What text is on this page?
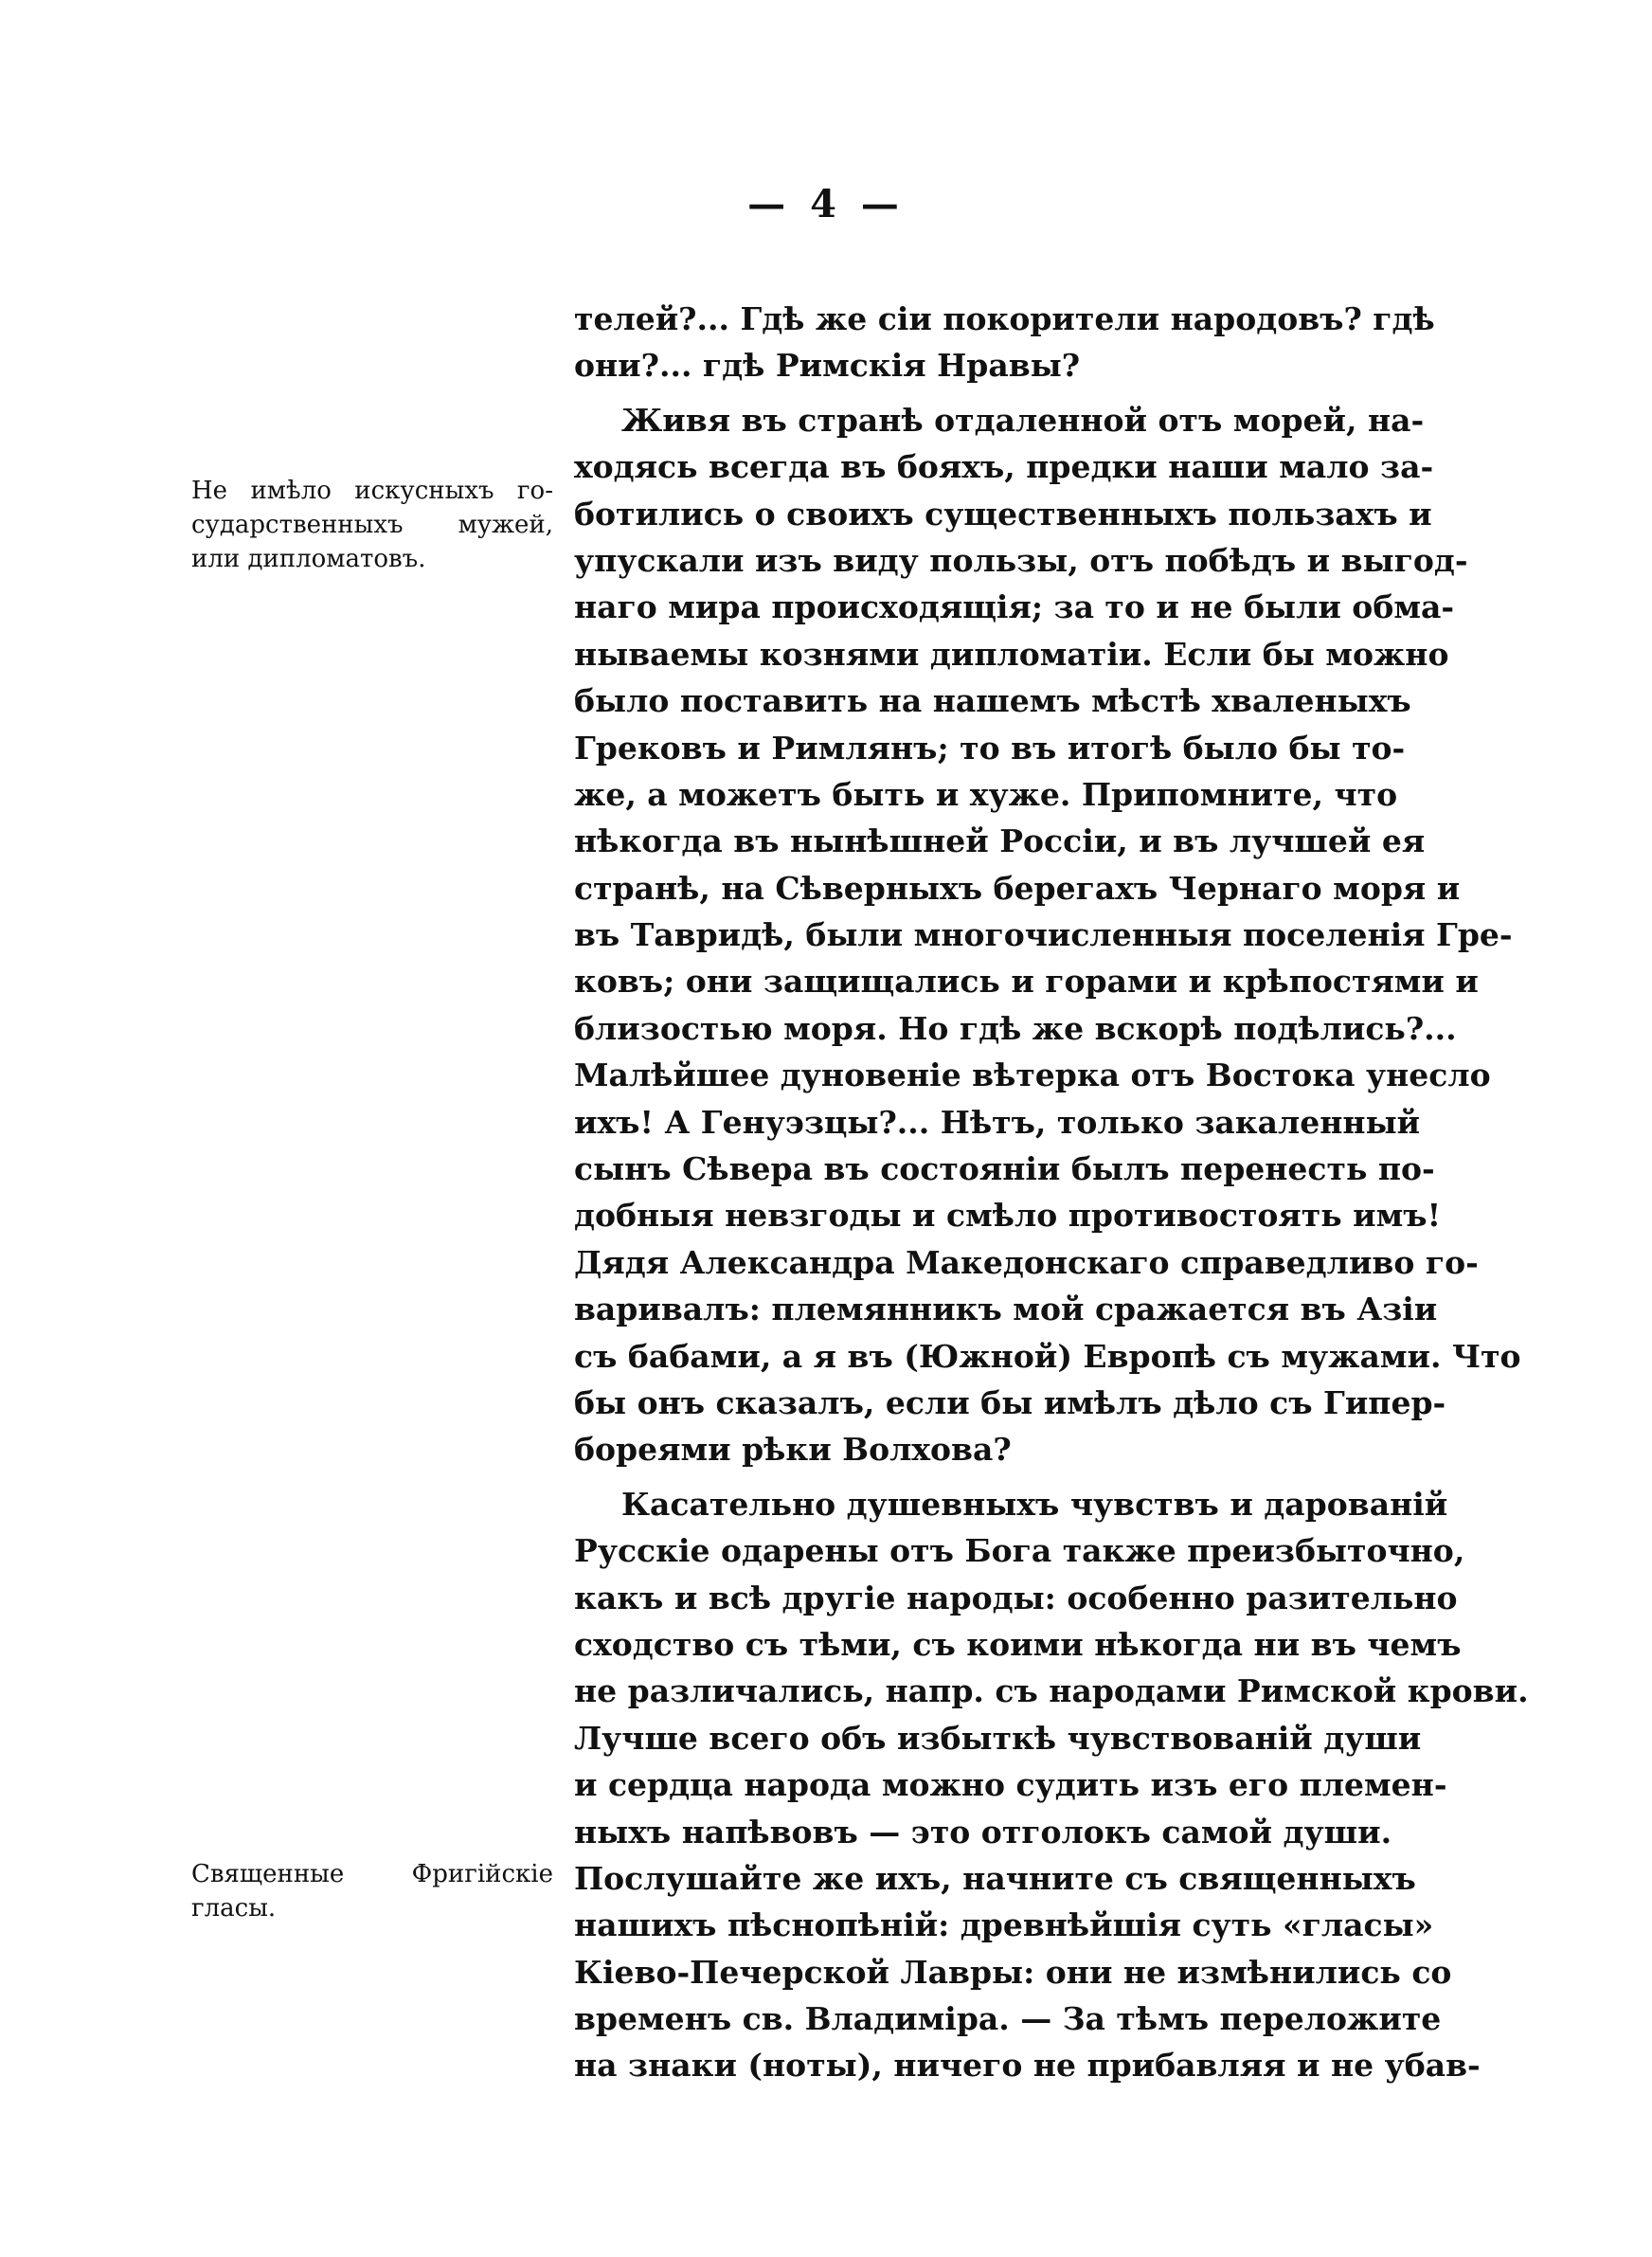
— 4 —
Не имѣло искусныхъ го-
сударственныхъ мужей,
или дипломатовъ.
Священные Фригійскіе
гласы.
телей?... Гдѣ же сіи покорители народовъ? гдѣ
они?... гдѣ Римскія Нравы?
Живя въ странѣ отдаленной отъ морей, на-
ходясь всегда въ бояхъ, предки наши мало за-
ботились о своихъ существенныхъ пользахъ и
упускали изъ виду пользы, отъ побѣдъ и выгод-
наго мира происходящія; за то и не были обма-
нываемы кознями дипломатіи. Если бы можно
было поставить на нашемъ мѣстѣ хваленыхъ
Грековъ и Римлянъ; то въ итогѣ было бы то-
же, а можетъ быть и хуже. Припомните, что
нѣкогда въ нынѣшней Россіи, и въ лучшей ея
странѣ, на Сѣверныхъ берегахъ Чернаго моря и
въ Тавридѣ, были многочисленныя поселенія Гре-
ковъ; они защищались и горами и крѣпостями и
близостью моря. Но гдѣ же вскорѣ подѣлись?...
Малѣйшее дуновеніе вѣтерка отъ Востока унесло
ихъ! А Генуэзцы?... Нѣтъ, только закаленный
сынъ Сѣвера въ состояніи былъ перенесть по-
добныя невзгоды и смѣло противостоять имъ!
Дядя Александра Македонскаго справедливо го-
варивалъ: племянникъ мой сражается въ Азіи
съ бабами, а я въ (Южной) Европѣ съ мужами. Что
бы онъ сказалъ, если бы имѣлъ дѣло съ Гипер-
бореями рѣки Волхова?
Касательно душевныхъ чувствъ и дарованій
Русскіе одарены отъ Бога также преизбыточно,
какъ и всѣ другіе народы: особенно разительно
сходство съ тѣми, съ коими нѣкогда ни въ чемъ
не различались, напр. съ народами Римской крови.
Лучше всего объ избыткѣ чувствованій души
и сердца народа можно судить изъ его племен-
ныхъ напѣвовъ — это отголокъ самой души.
Послушайте же ихъ, начните съ священныхъ
нашихъ пѣснопѣній: древнѣйшія суть «гласы»
Кіево-Печерской Лавры: они не измѣнились со
временъ св. Владиміра. — За тѣмъ переложите
на знаки (ноты), ничего не прибавляя и не убав-
